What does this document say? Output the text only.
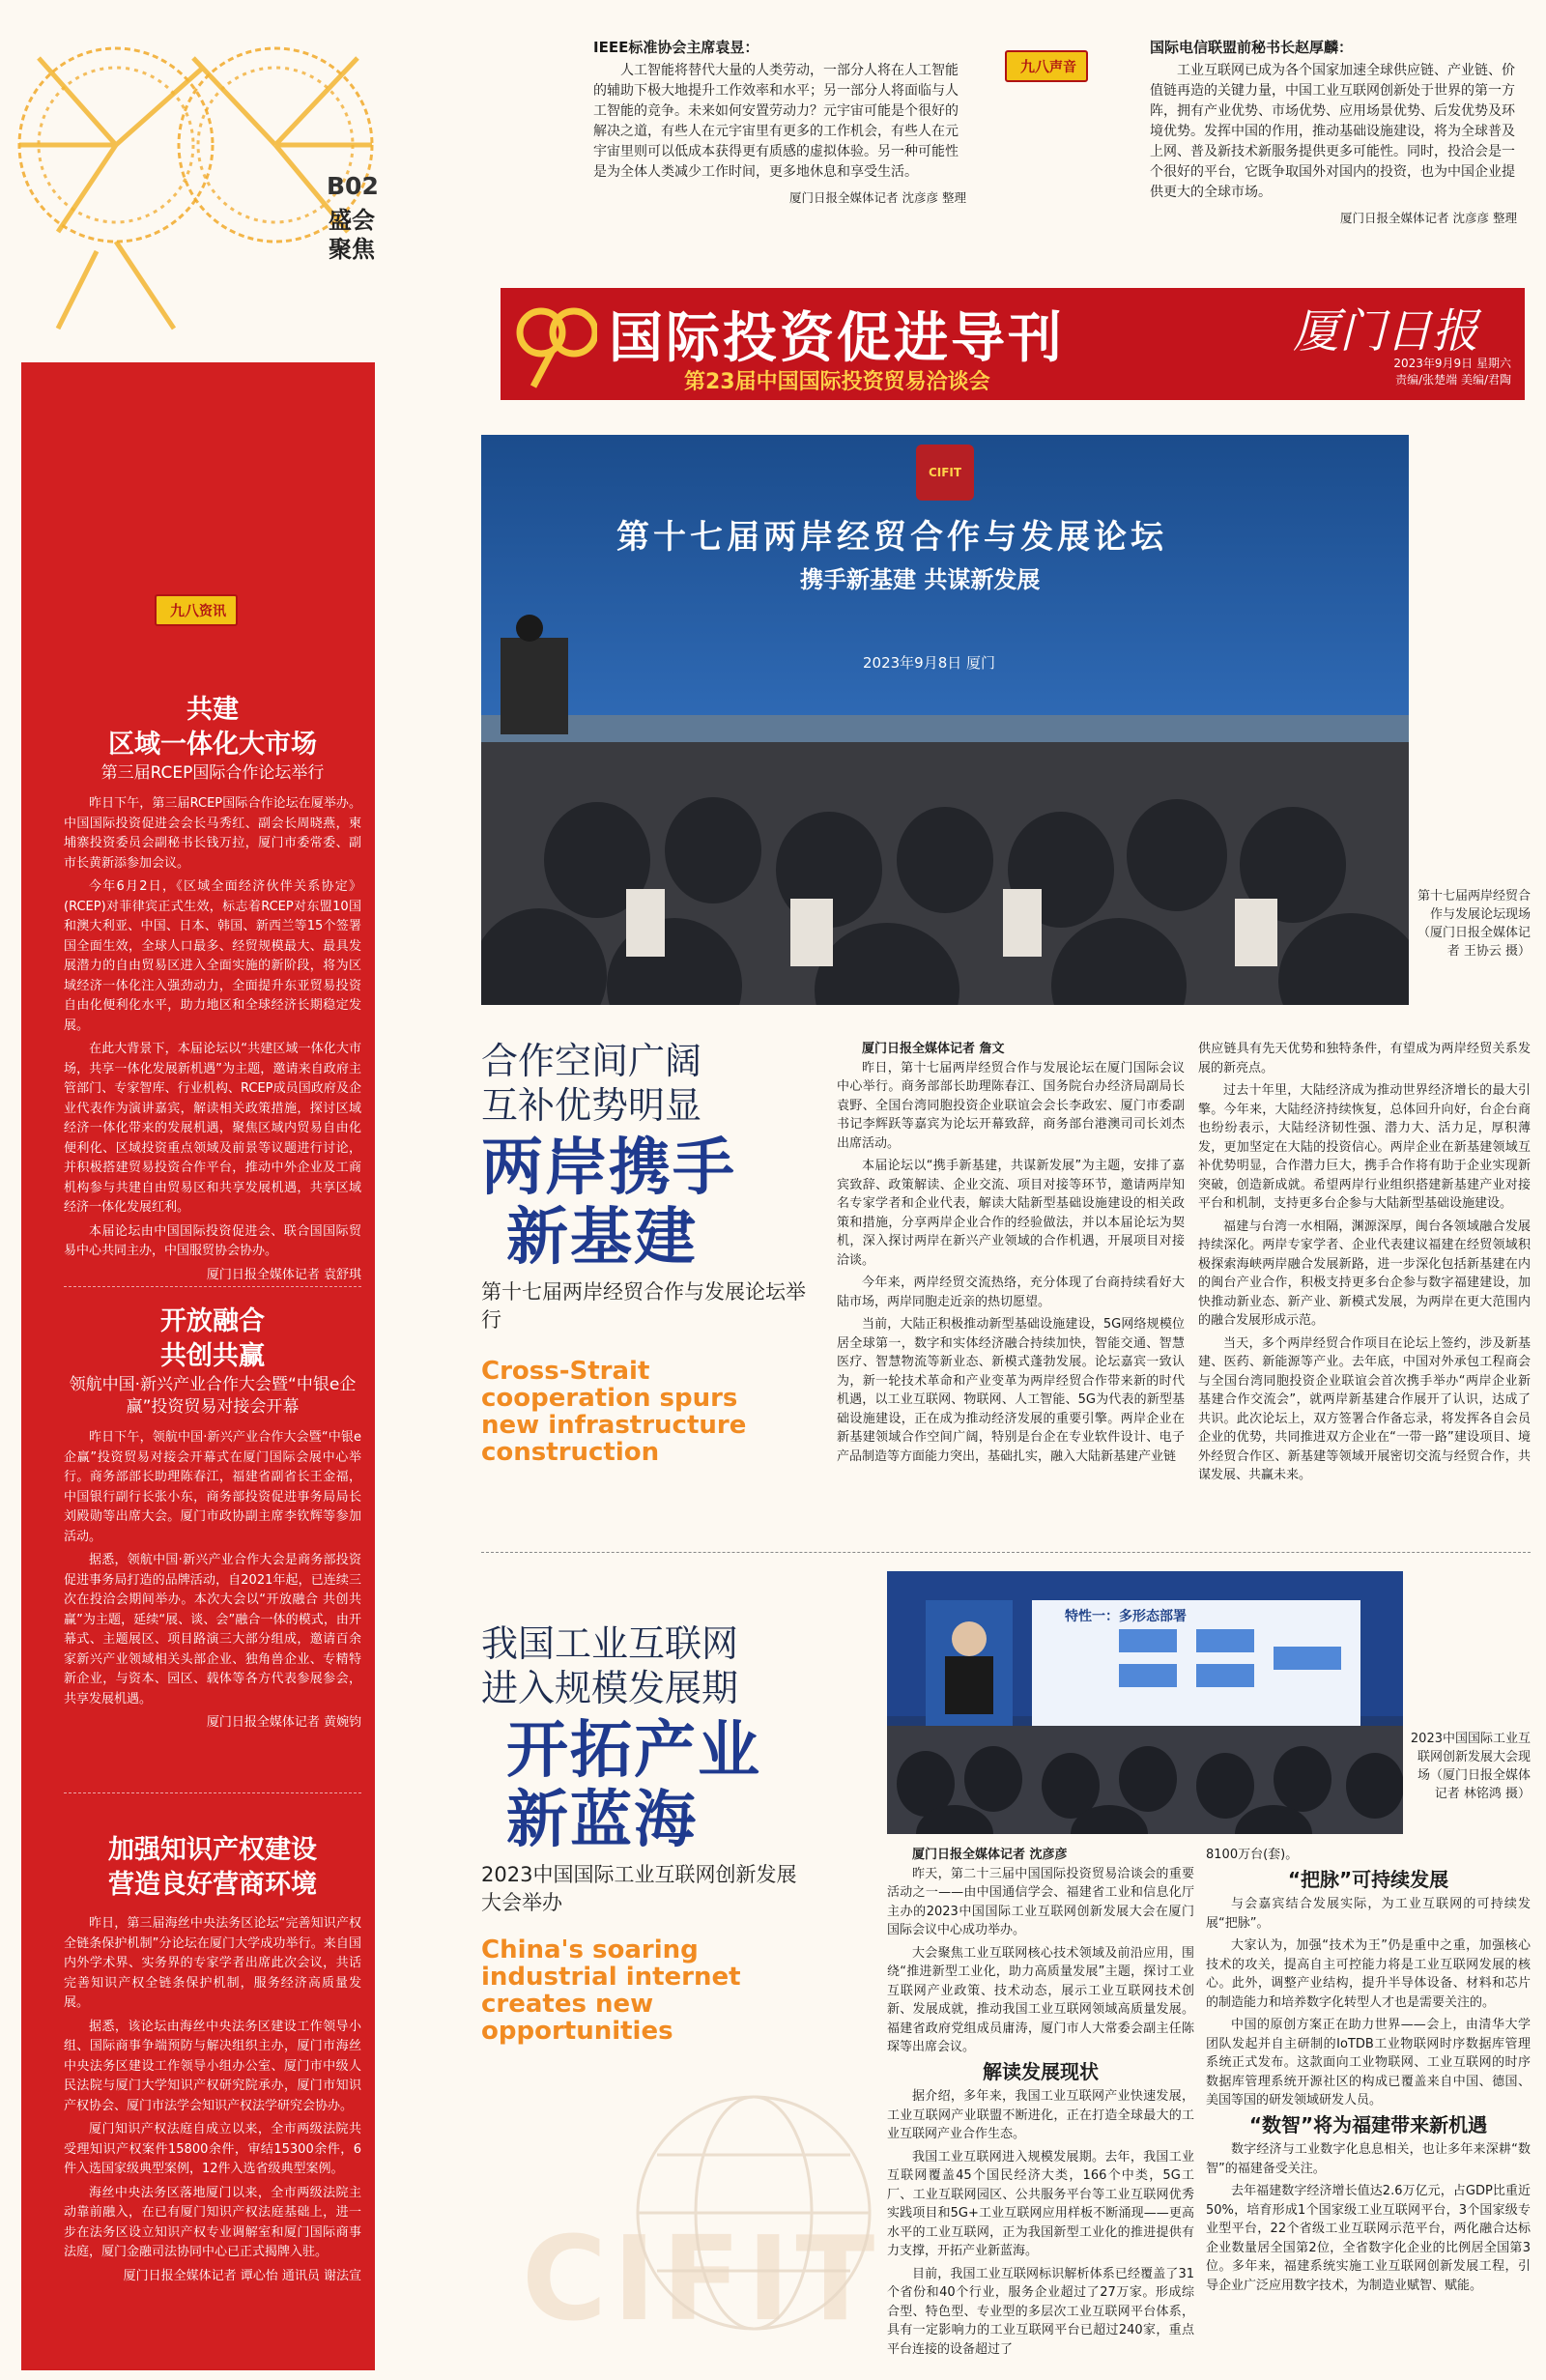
B02
盛会
聚焦
IEEE标准协会主席袁昱：
人工智能将替代大量的人类劳动，一部分人将在人工智能的辅助下极大地提升工作效率和水平；另一部分人将面临与人工智能的竞争。未来如何安置劳动力？元宇宙可能是个很好的解决之道，有些人在元宇宙里有更多的工作机会，有些人在元宇宙里则可以低成本获得更有质感的虚拟体验。另一种可能性是为全体人类减少工作时间，更多地休息和享受生活。
厦门日报全媒体记者 沈彦彦 整理
九八声音
国际电信联盟前秘书长赵厚麟：
工业互联网已成为各个国家加速全球供应链、产业链、价值链再造的关键力量，中国工业互联网创新处于世界的第一方阵，拥有产业优势、市场优势、应用场景优势、后发优势及环境优势。发挥中国的作用，推动基础设施建设，将为全球普及上网、普及新技术新服务提供更多可能性。同时，投洽会是一个很好的平台，它既争取国外对国内的投资，也为中国企业提供更大的全球市场。
厦门日报全媒体记者 沈彦彦 整理
国际投资促进导刊
第23届中国国际投资贸易洽谈会
厦门日报
2023年9月9日 星期六
责编/张楚端 美编/君陶
九八资讯
共建
区域一体化大市场
第三届RCEP国际合作论坛举行

昨日下午，第三届RCEP国际合作论坛在厦举办。中国国际投资促进会会长马秀红、副会长周晓燕，柬埔寨投资委员会副秘书长钱万拉，厦门市委常委、副市长黄新添参加会议。

今年6月2日，《区域全面经济伙伴关系协定》(RCEP)对菲律宾正式生效，标志着RCEP对东盟10国和澳大利亚、中国、日本、韩国、新西兰等15个签署国全面生效，全球人口最多、经贸规模最大、最具发展潜力的自由贸易区进入全面实施的新阶段，将为区域经济一体化注入强劲动力，全面提升东亚贸易投资自由化便利化水平，助力地区和全球经济长期稳定发展。

在此大背景下，本届论坛以“共建区域一体化大市场，共享一体化发展新机遇”为主题，邀请来自政府主管部门、专家智库、行业机构、RCEP成员国政府及企业代表作为演讲嘉宾，解读相关政策措施，探讨区域经济一体化带来的发展机遇，聚焦区域内贸易自由化便利化、区域投资重点领域及前景等议题进行讨论，并积极搭建贸易投资合作平台，推动中外企业及工商机构参与共建自由贸易区和共享发展机遇，共享区域经济一体化发展红利。

本届论坛由中国国际投资促进会、联合国国际贸易中心共同主办，中国服贸协会协办。

厦门日报全媒体记者 袁舒琪
开放融合
共创共赢
领航中国·新兴产业合作大会暨“中银e企赢”投资贸易对接会开幕

昨日下午，领航中国·新兴产业合作大会暨“中银e企赢”投资贸易对接会开幕式在厦门国际会展中心举行。商务部部长助理陈春江，福建省副省长王金福，中国银行副行长张小东，商务部投资促进事务局局长刘殿勋等出席大会。厦门市政协副主席李钦辉等参加活动。

据悉，领航中国·新兴产业合作大会是商务部投资促进事务局打造的品牌活动，自2021年起，已连续三次在投洽会期间举办。本次大会以“开放融合 共创共赢”为主题，延续“展、谈、会”融合一体的模式，由开幕式、主题展区、项目路演三大部分组成，邀请百余家新兴产业领域相关头部企业、独角兽企业、专精特新企业，与资本、园区、载体等各方代表参展参会，共享发展机遇。

厦门日报全媒体记者 黄婉钧
加强知识产权建设
营造良好营商环境

昨日，第三届海丝中央法务区论坛“完善知识产权全链条保护机制”分论坛在厦门大学成功举行。来自国内外学术界、实务界的专家学者出席此次会议，共话完善知识产权全链条保护机制，服务经济高质量发展。

据悉，该论坛由海丝中央法务区建设工作领导小组、国际商事争端预防与解决组织主办，厦门市海丝中央法务区建设工作领导小组办公室、厦门市中级人民法院与厦门大学知识产权研究院承办，厦门市知识产权协会、厦门市法学会知识产权法学研究会协办。

厦门知识产权法庭自成立以来，全市两级法院共受理知识产权案件15800余件，审结15300余件，6件入选国家级典型案例，12件入选省级典型案例。

海丝中央法务区落地厦门以来，全市两级法院主动靠前融入，在已有厦门知识产权法庭基础上，进一步在法务区设立知识产权专业调解室和厦门国际商事法庭，厦门金融司法协同中心已正式揭牌入驻。

厦门日报全媒体记者 谭心怡 通讯员 谢法宣
CIFIT
第十七届两岸经贸合作与发展论坛
携手新基建 共谋新发展
2023年9月8日 厦门
第十七届两岸经贸合作与发展论坛现场（厦门日报全媒体记者 王协云 摄）
合作空间广阔
互补优势明显
两岸携手
新基建
第十七届两岸经贸合作与发展论坛举行
Cross-Strait cooperation spurs new infrastructure construction
厦门日报全媒体记者 詹文

昨日，第十七届两岸经贸合作与发展论坛在厦门国际会议中心举行。商务部部长助理陈春江、国务院台办经济局副局长袁野、全国台湾同胞投资企业联谊会会长李政宏、厦门市委副书记李辉跃等嘉宾为论坛开幕致辞，商务部台港澳司司长刘杰出席活动。

本届论坛以“携手新基建，共谋新发展”为主题，安排了嘉宾致辞、政策解读、企业交流、项目对接等环节，邀请两岸知名专家学者和企业代表，解读大陆新型基础设施建设的相关政策和措施，分享两岸企业合作的经验做法，并以本届论坛为契机，深入探讨两岸在新兴产业领域的合作机遇，开展项目对接洽谈。

今年来，两岸经贸交流热络，充分体现了台商持续看好大陆市场，两岸同胞走近亲的热切愿望。

当前，大陆正积极推动新型基础设施建设，5G网络规模位居全球第一，数字和实体经济融合持续加快，智能交通、智慧医疗、智慧物流等新业态、新模式蓬勃发展。论坛嘉宾一致认为，新一轮技术革命和产业变革为两岸经贸合作带来新的时代机遇，以工业互联网、物联网、人工智能、5G为代表的新型基础设施建设，正在成为推动经济发展的重要引擎。两岸企业在新基建领域合作空间广阔，特别是台企在专业软件设计、电子产品制造等方面能力突出，基础扎实，融入大陆新基建产业链

供应链具有先天优势和独特条件，有望成为两岸经贸关系发展的新亮点。

过去十年里，大陆经济成为推动世界经济增长的最大引擎。今年来，大陆经济持续恢复，总体回升向好，台企台商也纷纷表示，大陆经济韧性强、潜力大、活力足，厚积薄发，更加坚定在大陆的投资信心。两岸企业在新基建领域互补优势明显，合作潜力巨大，携手合作将有助于企业实现新突破，创造新成就。希望两岸行业组织搭建新基建产业对接平台和机制，支持更多台企参与大陆新型基础设施建设。

福建与台湾一水相隔，渊源深厚，闽台各领域融合发展持续深化。两岸专家学者、企业代表建议福建在经贸领域积极探索海峡两岸融合发展新路，进一步深化包括新基建在内的闽台产业合作，积极支持更多台企参与数字福建建设，加快推动新业态、新产业、新模式发展，为两岸在更大范围内的融合发展形成示范。

当天，多个两岸经贸合作项目在论坛上签约，涉及新基建、医药、新能源等产业。去年底，中国对外承包工程商会与全国台湾同胞投资企业联谊会首次携手举办“两岸企业新基建合作交流会”，就两岸新基建合作展开了认识，达成了共识。此次论坛上，双方签署合作备忘录，将发挥各自会员企业的优势，共同推进双方企业在“一带一路”建设项目、境外经贸合作区、新基建等领域开展密切交流与经贸合作，共谋发展、共赢未来。

特性一：多形态部署
2023中国国际工业互联网创新发展大会现场（厦门日报全媒体记者 林铭鸿 摄）
我国工业互联网
进入规模发展期
开拓产业
新蓝海
2023中国国际工业互联网创新发展大会举办
China's soaring industrial internet creates new opportunities
CIFIT
厦门日报全媒体记者 沈彦彦

昨天，第二十三届中国国际投资贸易洽谈会的重要活动之一——由中国通信学会、福建省工业和信息化厅主办的2023中国国际工业互联网创新发展大会在厦门国际会议中心成功举办。

大会聚焦工业互联网核心技术领域及前沿应用，围绕“推进新型工业化，助力高质量发展”主题，探讨工业互联网产业政策、技术动态，展示工业互联网技术创新、发展成就，推动我国工业互联网领域高质量发展。福建省政府党组成员庸涛，厦门市人大常委会副主任陈琛等出席会议。

解读发展现状

据介绍，多年来，我国工业互联网产业快速发展，工业互联网产业联盟不断进化，正在打造全球最大的工业互联网产业合作生态。

我国工业互联网进入规模发展期。去年，我国工业互联网覆盖45个国民经济大类，166个中类，5G工厂、工业互联网园区、公共服务平台等工业互联网优秀实践项目和5G+工业互联网应用样板不断涌现——更高水平的工业互联网，正为我国新型工业化的推进提供有力支撑，开拓产业新蓝海。

目前，我国工业互联网标识解析体系已经覆盖了31个省份和40个行业，服务企业超过了27万家。形成综合型、特色型、专业型的多层次工业互联网平台体系，具有一定影响力的工业互联网平台已超过240家，重点平台连接的设备超过了

8100万台(套)。

“把脉”可持续发展

与会嘉宾结合发展实际，为工业互联网的可持续发展“把脉”。

大家认为，加强“技术为王”仍是重中之重，加强核心技术的攻关，提高自主可控能力将是工业互联网发展的核心。此外，调整产业结构，提升半导体设备、材料和芯片的制造能力和培养数字化转型人才也是需要关注的。

中国的原创方案正在助力世界——会上，由清华大学团队发起并自主研制的IoTDB工业物联网时序数据库管理系统正式发布。这款面向工业物联网、工业互联网的时序数据库管理系统开源社区的构成已覆盖来自中国、德国、美国等国的研发领域研发人员。

“数智”将为福建带来新机遇

数字经济与工业数字化息息相关，也让多年来深耕“数智”的福建备受关注。

去年福建数字经济增长值达2.6万亿元，占GDP比重近50%，培育形成1个国家级工业互联网平台，3个国家级专业型平台，22个省级工业互联网示范平台，两化融合达标企业数量居全国第2位，全省数字化企业的比例居全国第3位。多年来，福建系统实施工业互联网创新发展工程，引导企业广泛应用数字技术，为制造业赋智、赋能。
